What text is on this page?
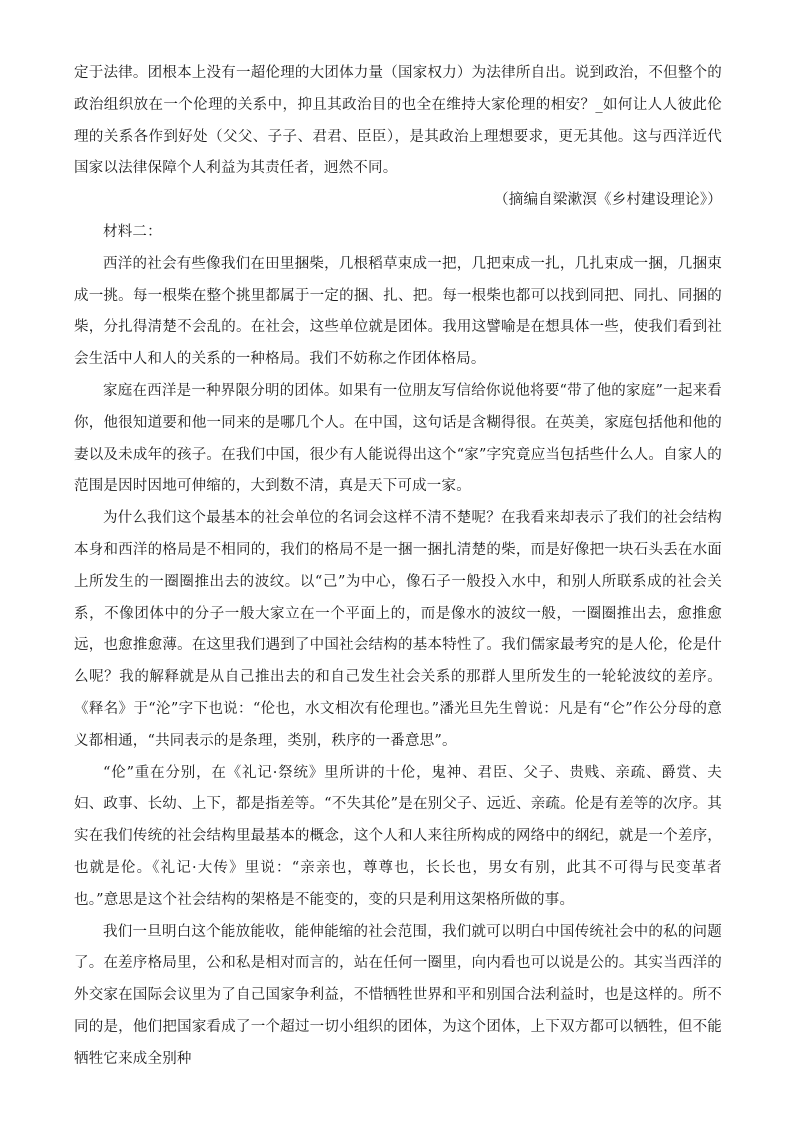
定于法律。团根本上没有一超伦理的大团体力量（国家权力）为法律所自出。说到政治，不但整个的政治组织放在一个伦理的关系中，抑且其政治目的也全在维持大家伦理的相安？_如何让人人彼此伦理的关系各作到好处（父父、子子、君君、臣臣），是其政治上理想要求，更无其他。这与西洋近代国家以法律保障个人利益为其责任者，迥然不同。

（摘编自梁漱溟《乡村建设理论》）

材料二：

西洋的社会有些像我们在田里捆柴，几根稻草束成一把，几把束成一扎，几扎束成一捆，几捆束成一挑。每一根柴在整个挑里都属于一定的捆、扎、把。每一根柴也都可以找到同把、同扎、同捆的柴，分扎得清楚不会乱的。在社会，这些单位就是团体。我用这譬喻是在想具体一些，使我们看到社会生活中人和人的关系的一种格局。我们不妨称之作团体格局。

家庭在西洋是一种界限分明的团体。如果有一位朋友写信给你说他将要“带了他的家庭”一起来看你，他很知道要和他一同来的是哪几个人。在中国，这句话是含糊得很。在英美，家庭包括他和他的妻以及未成年的孩子。在我们中国，很少有人能说得出这个“家”字究竟应当包括些什么人。自家人的范围是因时因地可伸缩的，大到数不清，真是天下可成一家。

为什么我们这个最基本的社会单位的名词会这样不清不楚呢？在我看来却表示了我们的社会结构本身和西洋的格局是不相同的，我们的格局不是一捆一捆扎清楚的柴，而是好像把一块石头丢在水面上所发生的一圈圈推出去的波纹。以“己”为中心，像石子一般投入水中，和别人所联系成的社会关系，不像团体中的分子一般大家立在一个平面上的，而是像水的波纹一般，一圈圈推出去，愈推愈远，也愈推愈薄。在这里我们遇到了中国社会结构的基本特性了。我们儒家最考究的是人伦，伦是什么呢？我的解释就是从自己推出去的和自己发生社会关系的那群人里所发生的一轮轮波纹的差序。《释名》于“沦”字下也说：“伦也，水文相次有伦理也。”潘光旦先生曾说：凡是有“仑”作公分母的意义都相通，“共同表示的是条理，类别，秩序的一番意思”。

“伦”重在分别，在《礼记·祭统》里所讲的十伦，鬼神、君臣、父子、贵贱、亲疏、爵赏、夫妇、政事、长幼、上下，都是指差等。“不失其伦”是在别父子、远近、亲疏。伦是有差等的次序。其实在我们传统的社会结构里最基本的概念，这个人和人来往所构成的网络中的纲纪，就是一个差序，也就是伦。《礼记·大传》里说：“亲亲也，尊尊也，长长也，男女有别，此其不可得与民变革者也。”意思是这个社会结构的架格是不能变的，变的只是利用这架格所做的事。

我们一旦明白这个能放能收，能伸能缩的社会范围，我们就可以明白中国传统社会中的私的问题了。在差序格局里，公和私是相对而言的，站在任何一圈里，向内看也可以说是公的。其实当西洋的外交家在国际会议里为了自己国家争利益，不惜牺牲世界和平和别国合法利益时，也是这样的。所不同的是，他们把国家看成了一个超过一切小组织的团体，为这个团体，上下双方都可以牺牲，但不能牺牲它来成全别种
